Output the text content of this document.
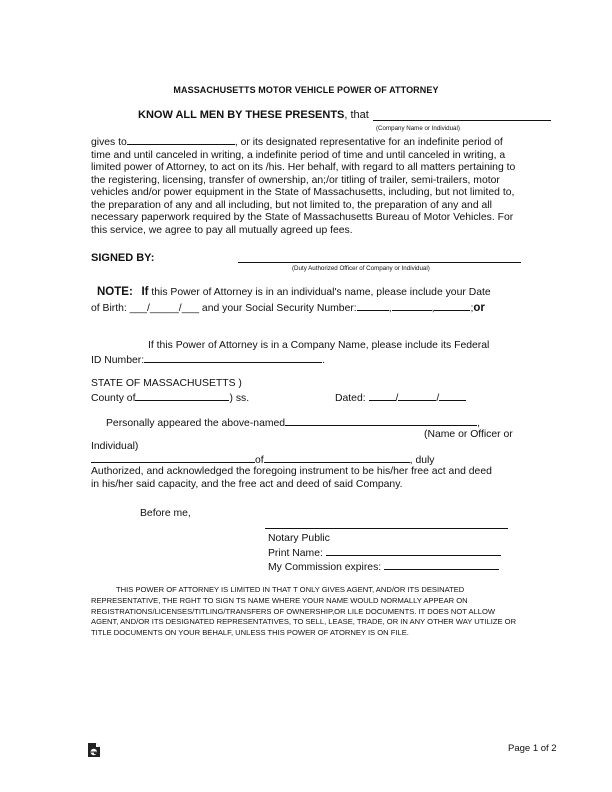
MASSACHUSETTS MOTOR VEHICLE POWER OF ATTORNEY
KNOW ALL MEN BY THESE PRESENTS, that
(Company Name or Individual)
gives to	, or its designated representative for an indefinite period of time and until canceled in writing, a indefinite period of time and until canceled in writing, a limited power of Attorney, to act on its /his. Her behalf, with regard to all matters pertaining to the registering, licensing, transfer of ownership, an;/or titling of trailer, semi-trailers, motor vehicles and/or power equipment in the State of Massachusetts, including, but not limited to, the preparation of any and all including, but not limited to, the preparation of any and all necessary paperwork required by the State of Massachusetts Bureau of Motor Vehicles. For this service, we agree to pay all mutually agreed up fees.
SIGNED BY:
(Duty Authorized Officer of Company or Individual)
NOTE: If this Power of Attorney is in an individual's name, please include your Date
of Birth: ___/_____/___ and your Social Security Number:	,	,	;or
If this Power of Attorney is in a Company Name, please include its Federal
ID Number:	.
STATE OF MASSACHUSETTS )
County of	) ss.	Dated:	/	/
Personally appeared the above-named	,
(Name or Officer or
Individual)
of	, duly
Authorized, and acknowledged the foregoing instrument to be his/her free act and deed
in his/her said capacity, and the free act and deed of said Company.
Before me,
Notary Public
Print Name:
My Commission expires:
THIS POWER OF ATTORNEY IS LIMITED IN THAT T ONLY GIVES AGENT, AND/OR ITS DESINATED REPRESENTATIVE, THE RGHT TO SIGN TS NAME WHERE YOUR NAME WOULD NORMALLY APPEAR ON REGISTRATIONS/LICENSES/TITLING/TRANSFERS OF OWNERSHIP,OR LILE DOCUMENTS. IT DOES NOT ALLOW AGENT, AND/OR ITS DESIGNATED REPRESENTATIVES, TO SELL, LEASE, TRADE, OR IN ANY OTHER WAY UTILIZE OR TITLE DOCUMENTS ON YOUR BEHALF, UNLESS THIS POWER OF ATORNEY IS ON FILE.
Page 1 of 2
